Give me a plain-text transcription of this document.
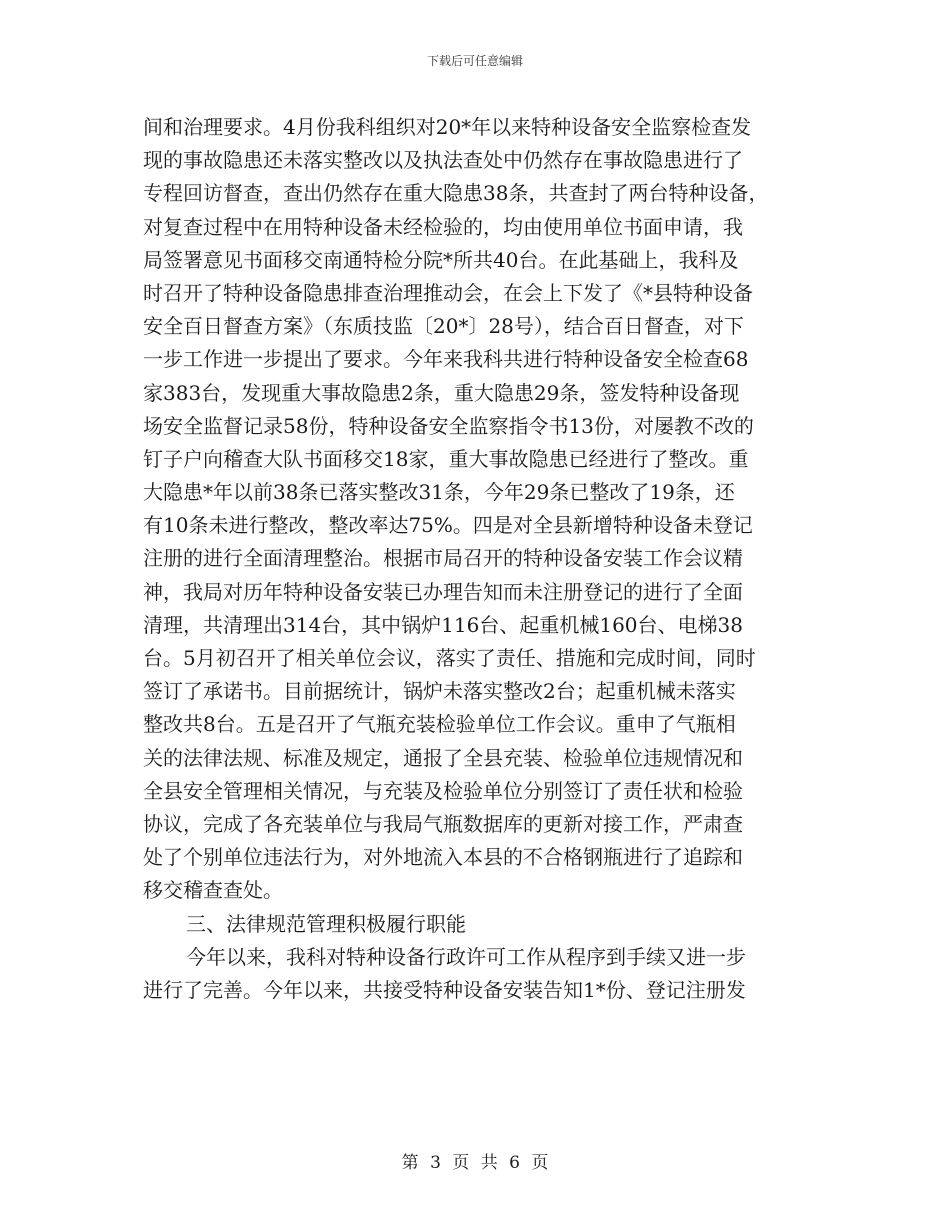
下载后可任意编辑
间和治理要求。4月份我科组织对20*年以来特种设备安全监察检查发
现的事故隐患还未落实整改以及执法查处中仍然存在事故隐患进行了
专程回访督查，查出仍然存在重大隐患38条，共查封了两台特种设备，
对复查过程中在用特种设备未经检验的，均由使用单位书面申请，我
局签署意见书面移交南通特检分院*所共40台。在此基础上，我科及
时召开了特种设备隐患排查治理推动会，在会上下发了《*县特种设备
安全百日督查方案》（东质技监〔20*〕28号），结合百日督查，对下
一步工作进一步提出了要求。今年来我科共进行特种设备安全检查68
家383台，发现重大事故隐患2条，重大隐患29条，签发特种设备现
场安全监督记录58份，特种设备安全监察指令书13份，对屡教不改的
钉子户向稽查大队书面移交18家，重大事故隐患已经进行了整改。重
大隐患*年以前38条已落实整改31条，今年29条已整改了19条，还
有10条未进行整改，整改率达75%。四是对全县新增特种设备未登记
注册的进行全面清理整治。根据市局召开的特种设备安装工作会议精
神，我局对历年特种设备安装已办理告知而未注册登记的进行了全面
清理，共清理出314台，其中锅炉116台、起重机械160台、电梯38
台。5月初召开了相关单位会议，落实了责任、措施和完成时间，同时
签订了承诺书。目前据统计，锅炉未落实整改2台；起重机械未落实
整改共8台。五是召开了气瓶充装检验单位工作会议。重申了气瓶相
关的法律法规、标准及规定，通报了全县充装、检验单位违规情况和
全县安全管理相关情况，与充装及检验单位分别签订了责任状和检验
协议，完成了各充装单位与我局气瓶数据库的更新对接工作，严肃查
处了个别单位违法行为，对外地流入本县的不合格钢瓶进行了追踪和
移交稽查查处。
三、法律规范管理积极履行职能
今年以来，我科对特种设备行政许可工作从程序到手续又进一步
进行了完善。今年以来，共接受特种设备安装告知1*份、登记注册发
第 3 页 共 6 页
